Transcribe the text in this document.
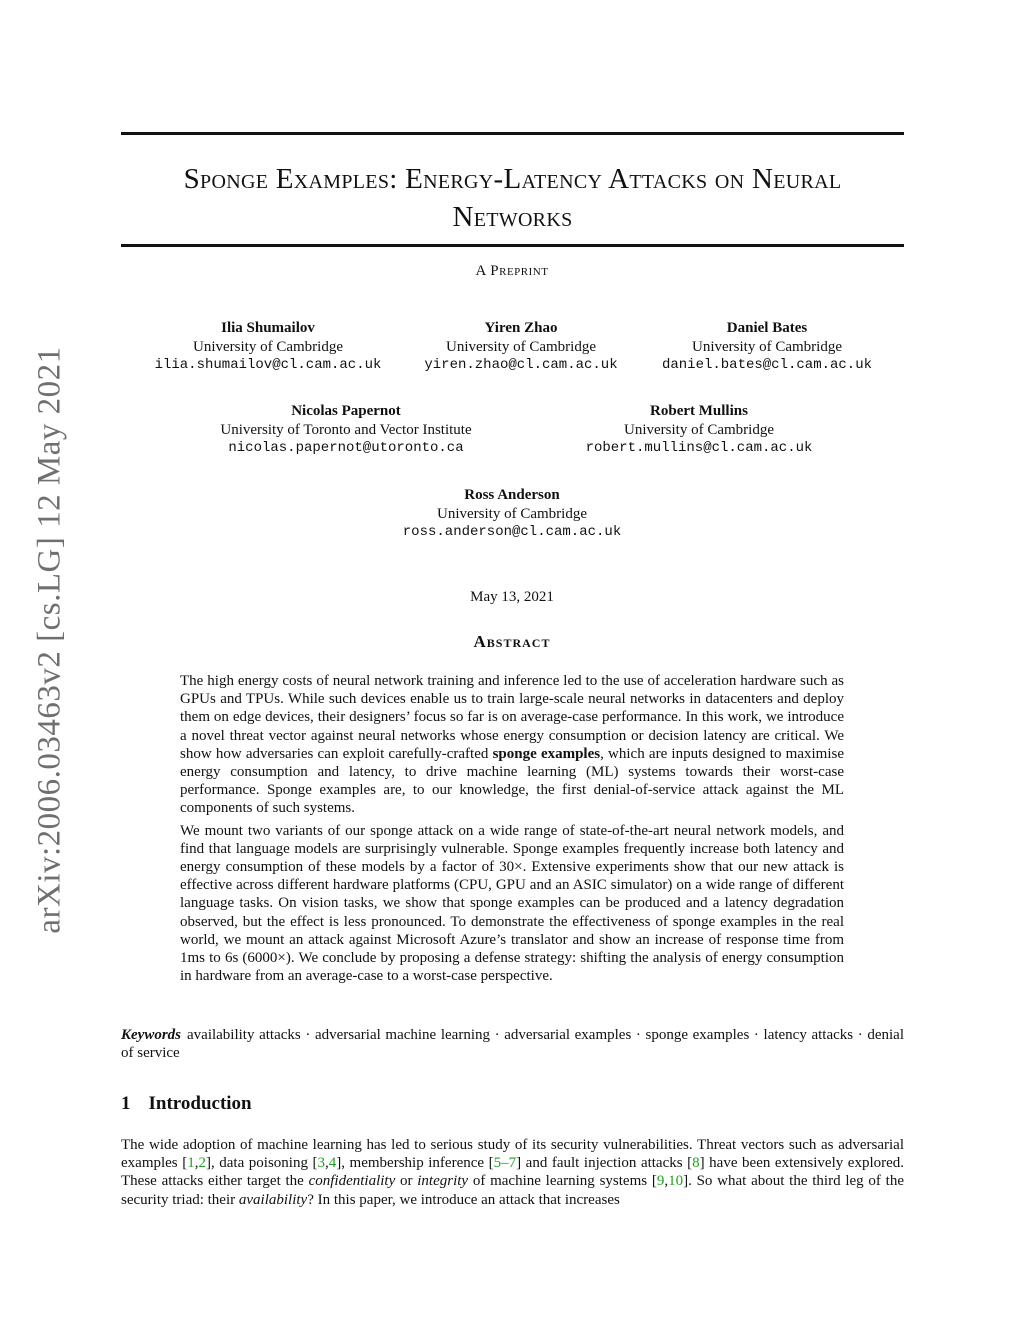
arXiv:2006.03463v2 [cs.LG] 12 May 2021
Sponge Examples: Energy-Latency Attacks on Neural
Networks
A Preprint
Ilia Shumailov
University of Cambridge
ilia.shumailov@cl.cam.ac.uk
Yiren Zhao
University of Cambridge
yiren.zhao@cl.cam.ac.uk
Daniel Bates
University of Cambridge
daniel.bates@cl.cam.ac.uk
Nicolas Papernot
University of Toronto and Vector Institute
nicolas.papernot@utoronto.ca
Robert Mullins
University of Cambridge
robert.mullins@cl.cam.ac.uk
Ross Anderson
University of Cambridge
ross.anderson@cl.cam.ac.uk
May 13, 2021
Abstract

The high energy costs of neural network training and inference led to the use of acceleration hardware such as GPUs and TPUs. While such devices enable us to train large-scale neural networks in datacenters and deploy them on edge devices, their designers’ focus so far is on average-case performance. In this work, we introduce a novel threat vector against neural networks whose energy consumption or decision latency are critical. We show how adversaries can exploit carefully-crafted sponge examples, which are inputs designed to maximise energy consumption and latency, to drive machine learning (ML) systems towards their worst-case performance. Sponge examples are, to our knowledge, the first denial-of-service attack against the ML components of such systems.

We mount two variants of our sponge attack on a wide range of state-of-the-art neural network models, and find that language models are surprisingly vulnerable. Sponge examples frequently increase both latency and energy consumption of these models by a factor of 30×. Extensive experiments show that our new attack is effective across different hardware platforms (CPU, GPU and an ASIC simulator) on a wide range of different language tasks. On vision tasks, we show that sponge examples can be produced and a latency degradation observed, but the effect is less pronounced. To demonstrate the effectiveness of sponge examples in the real world, we mount an attack against Microsoft Azure’s translator and show an increase of response time from 1ms to 6s (6000×). We conclude by proposing a defense strategy: shifting the analysis of energy consumption in hardware from an average-case to a worst-case perspective.

Keywords availability attacks · adversarial machine learning · adversarial examples · sponge examples · latency attacks · denial of service
1 Introduction

The wide adoption of machine learning has led to serious study of its security vulnerabilities. Threat vectors such as adversarial examples [1,2], data poisoning [3,4], membership inference [5–7] and fault injection attacks [8] have been extensively explored. These attacks either target the confidentiality or integrity of machine learning systems [9,10]. So what about the third leg of the security triad: their availability? In this paper, we introduce an attack that increases
